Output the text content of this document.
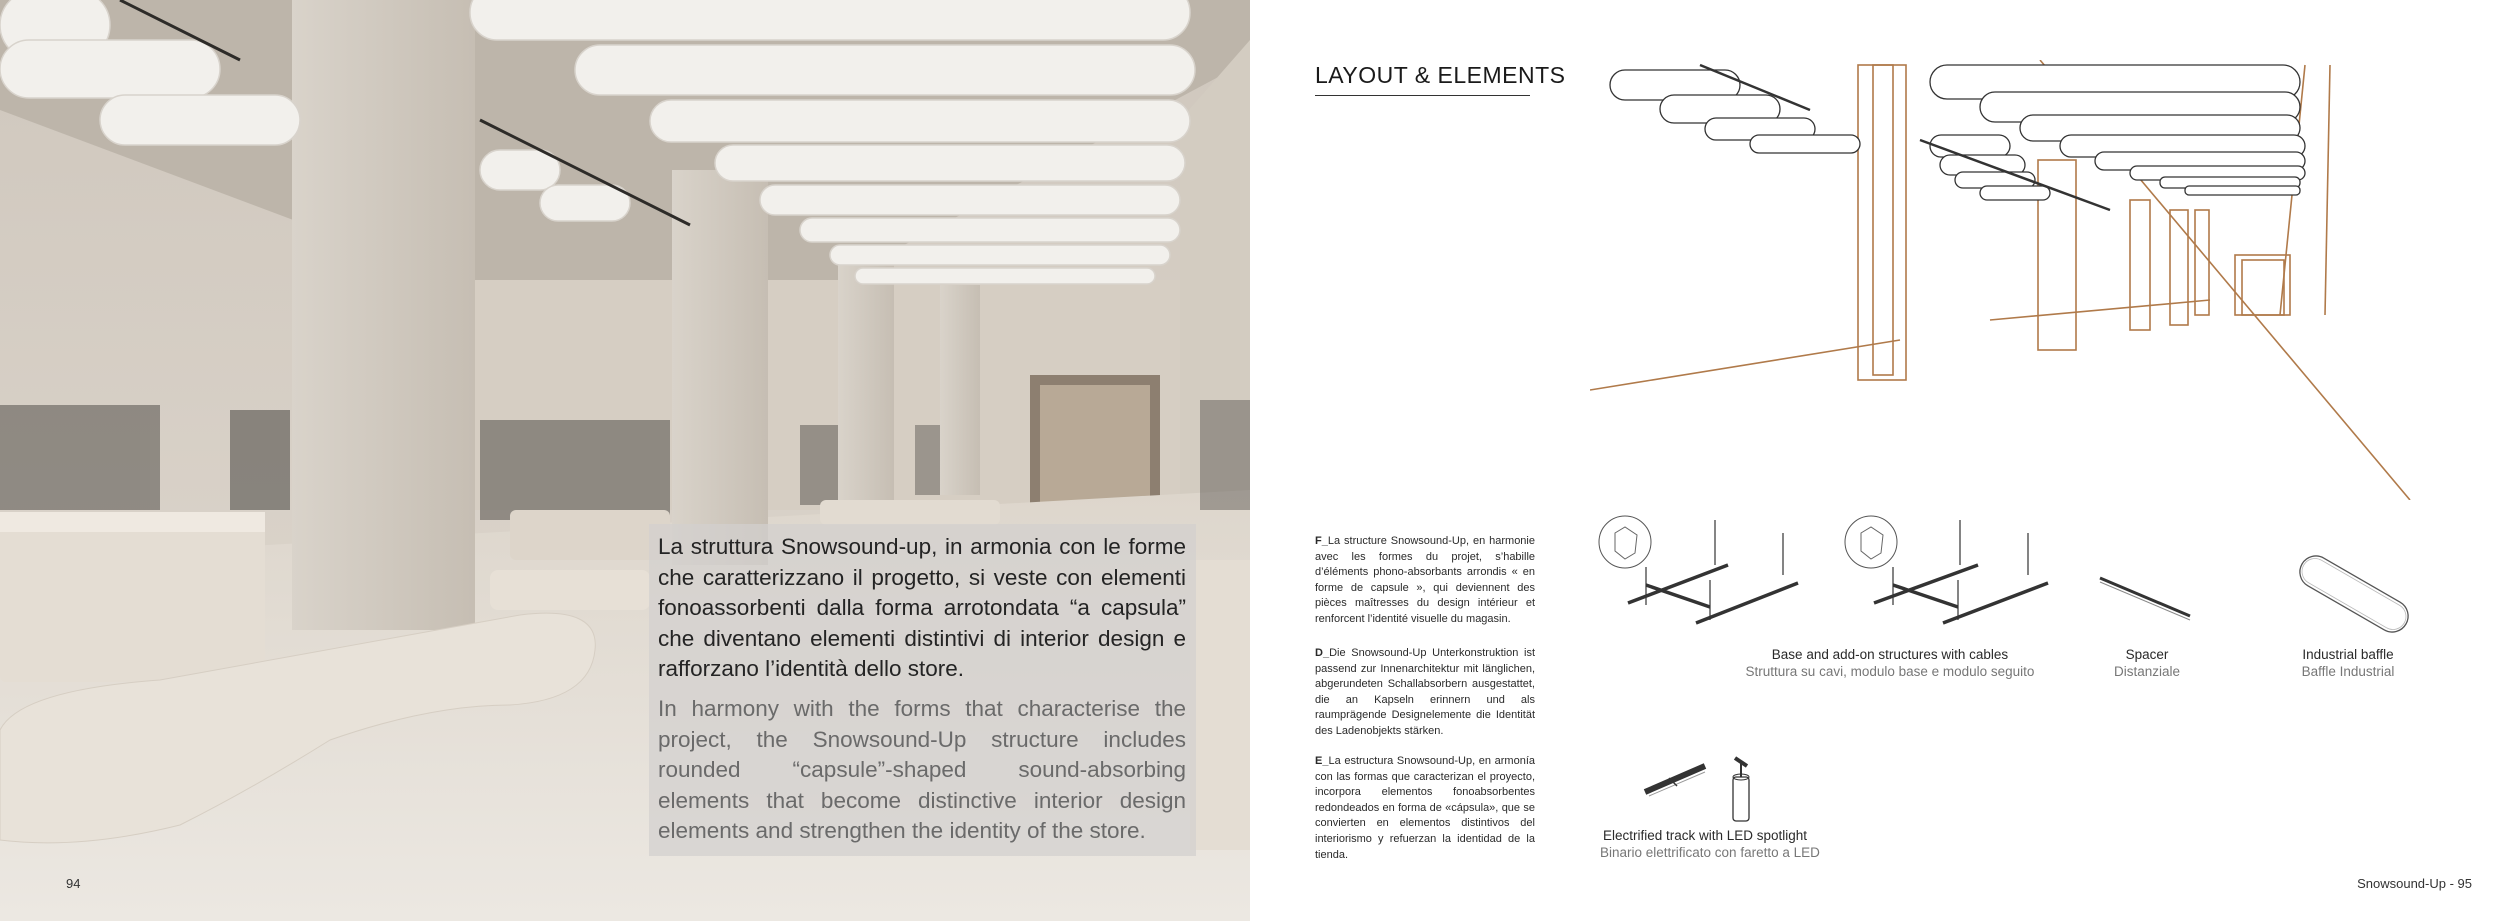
La struttura Snowsound-up, in armonia con le forme che caratterizzano il progetto, si veste con elementi fonoassorbenti dalla forma arrotondata “a capsula” che diventano elementi distintivi di interior design e rafforzano l’identità dello store.
In harmony with the forms that characterise the project, the Snowsound-Up structure includes rounded “capsule”-shaped sound-absorbing elements that become distinctive interior design elements and strengthen the identity of the store.
94
LAYOUT & ELEMENTS
F_La structure Snowsound-Up, en harmonie avec les formes du projet, s’habille d’éléments phono-absorbants arrondis « en forme de capsule », qui deviennent des pièces maîtresses du design intérieur et renforcent l’identité visuelle du magasin.
D_Die Snowsound-Up Unterkonstruktion ist passend zur Innenarchitektur mit länglichen, abgerundeten Schallabsorbern ausgestattet, die an Kapseln erinnern und als raumprägende Designelemente die Identität des Ladenobjekts stärken.
E_La estructura Snowsound-Up, en armonía con las formas que caracterizan el proyecto, incorpora elementos fonoabsorbentes redondeados en forma de «cápsula», que se convierten en elementos distintivos del interiorismo y refuerzan la identidad de la tienda.
Base and add-on structures with cables
Struttura su cavi, modulo base e modulo seguito
Spacer
Distanziale
Industrial baffle
Baffle Industrial
Electrified track with LED spotlight
Binario elettrificato con faretto a LED
Snowsound-Up - 95
